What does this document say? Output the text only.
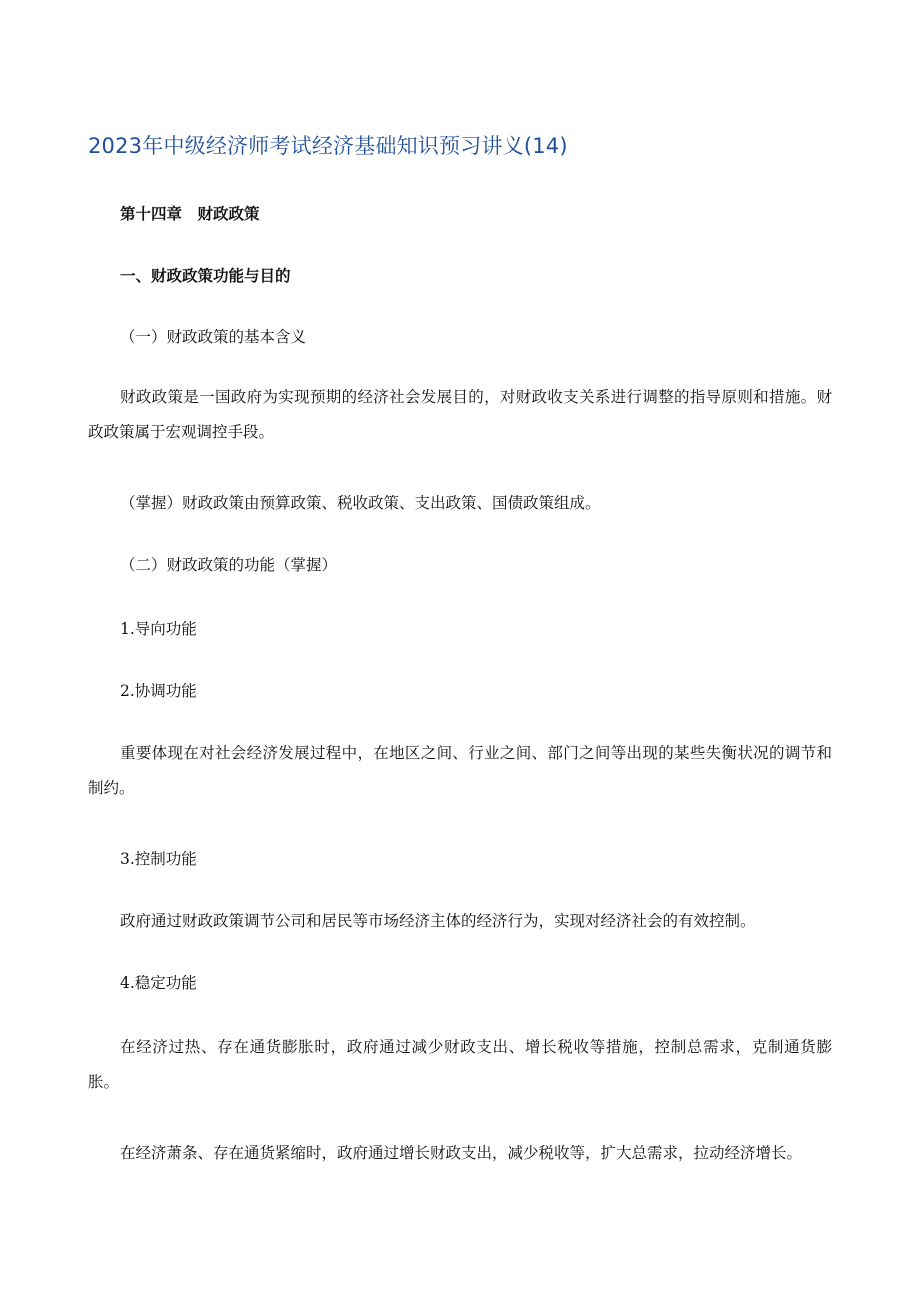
2023年中级经济师考试经济基础知识预习讲义(14)
第十四章　财政政策
一、财政政策功能与目的
（一）财政政策的基本含义
财政政策是一国政府为实现预期的经济社会发展目的，对财政收支关系进行调整的指导原则和措施。财政政策属于宏观调控手段。
（掌握）财政政策由预算政策、税收政策、支出政策、国债政策组成。
（二）财政政策的功能（掌握）
1.导向功能
2.协调功能
重要体现在对社会经济发展过程中，在地区之间、行业之间、部门之间等出现的某些失衡状况的调节和制约。
3.控制功能
政府通过财政政策调节公司和居民等市场经济主体的经济行为，实现对经济社会的有效控制。
4.稳定功能
在经济过热、存在通货膨胀时，政府通过减少财政支出、增长税收等措施，控制总需求，克制通货膨胀。
在经济萧条、存在通货紧缩时，政府通过增长财政支出，减少税收等，扩大总需求，拉动经济增长。
